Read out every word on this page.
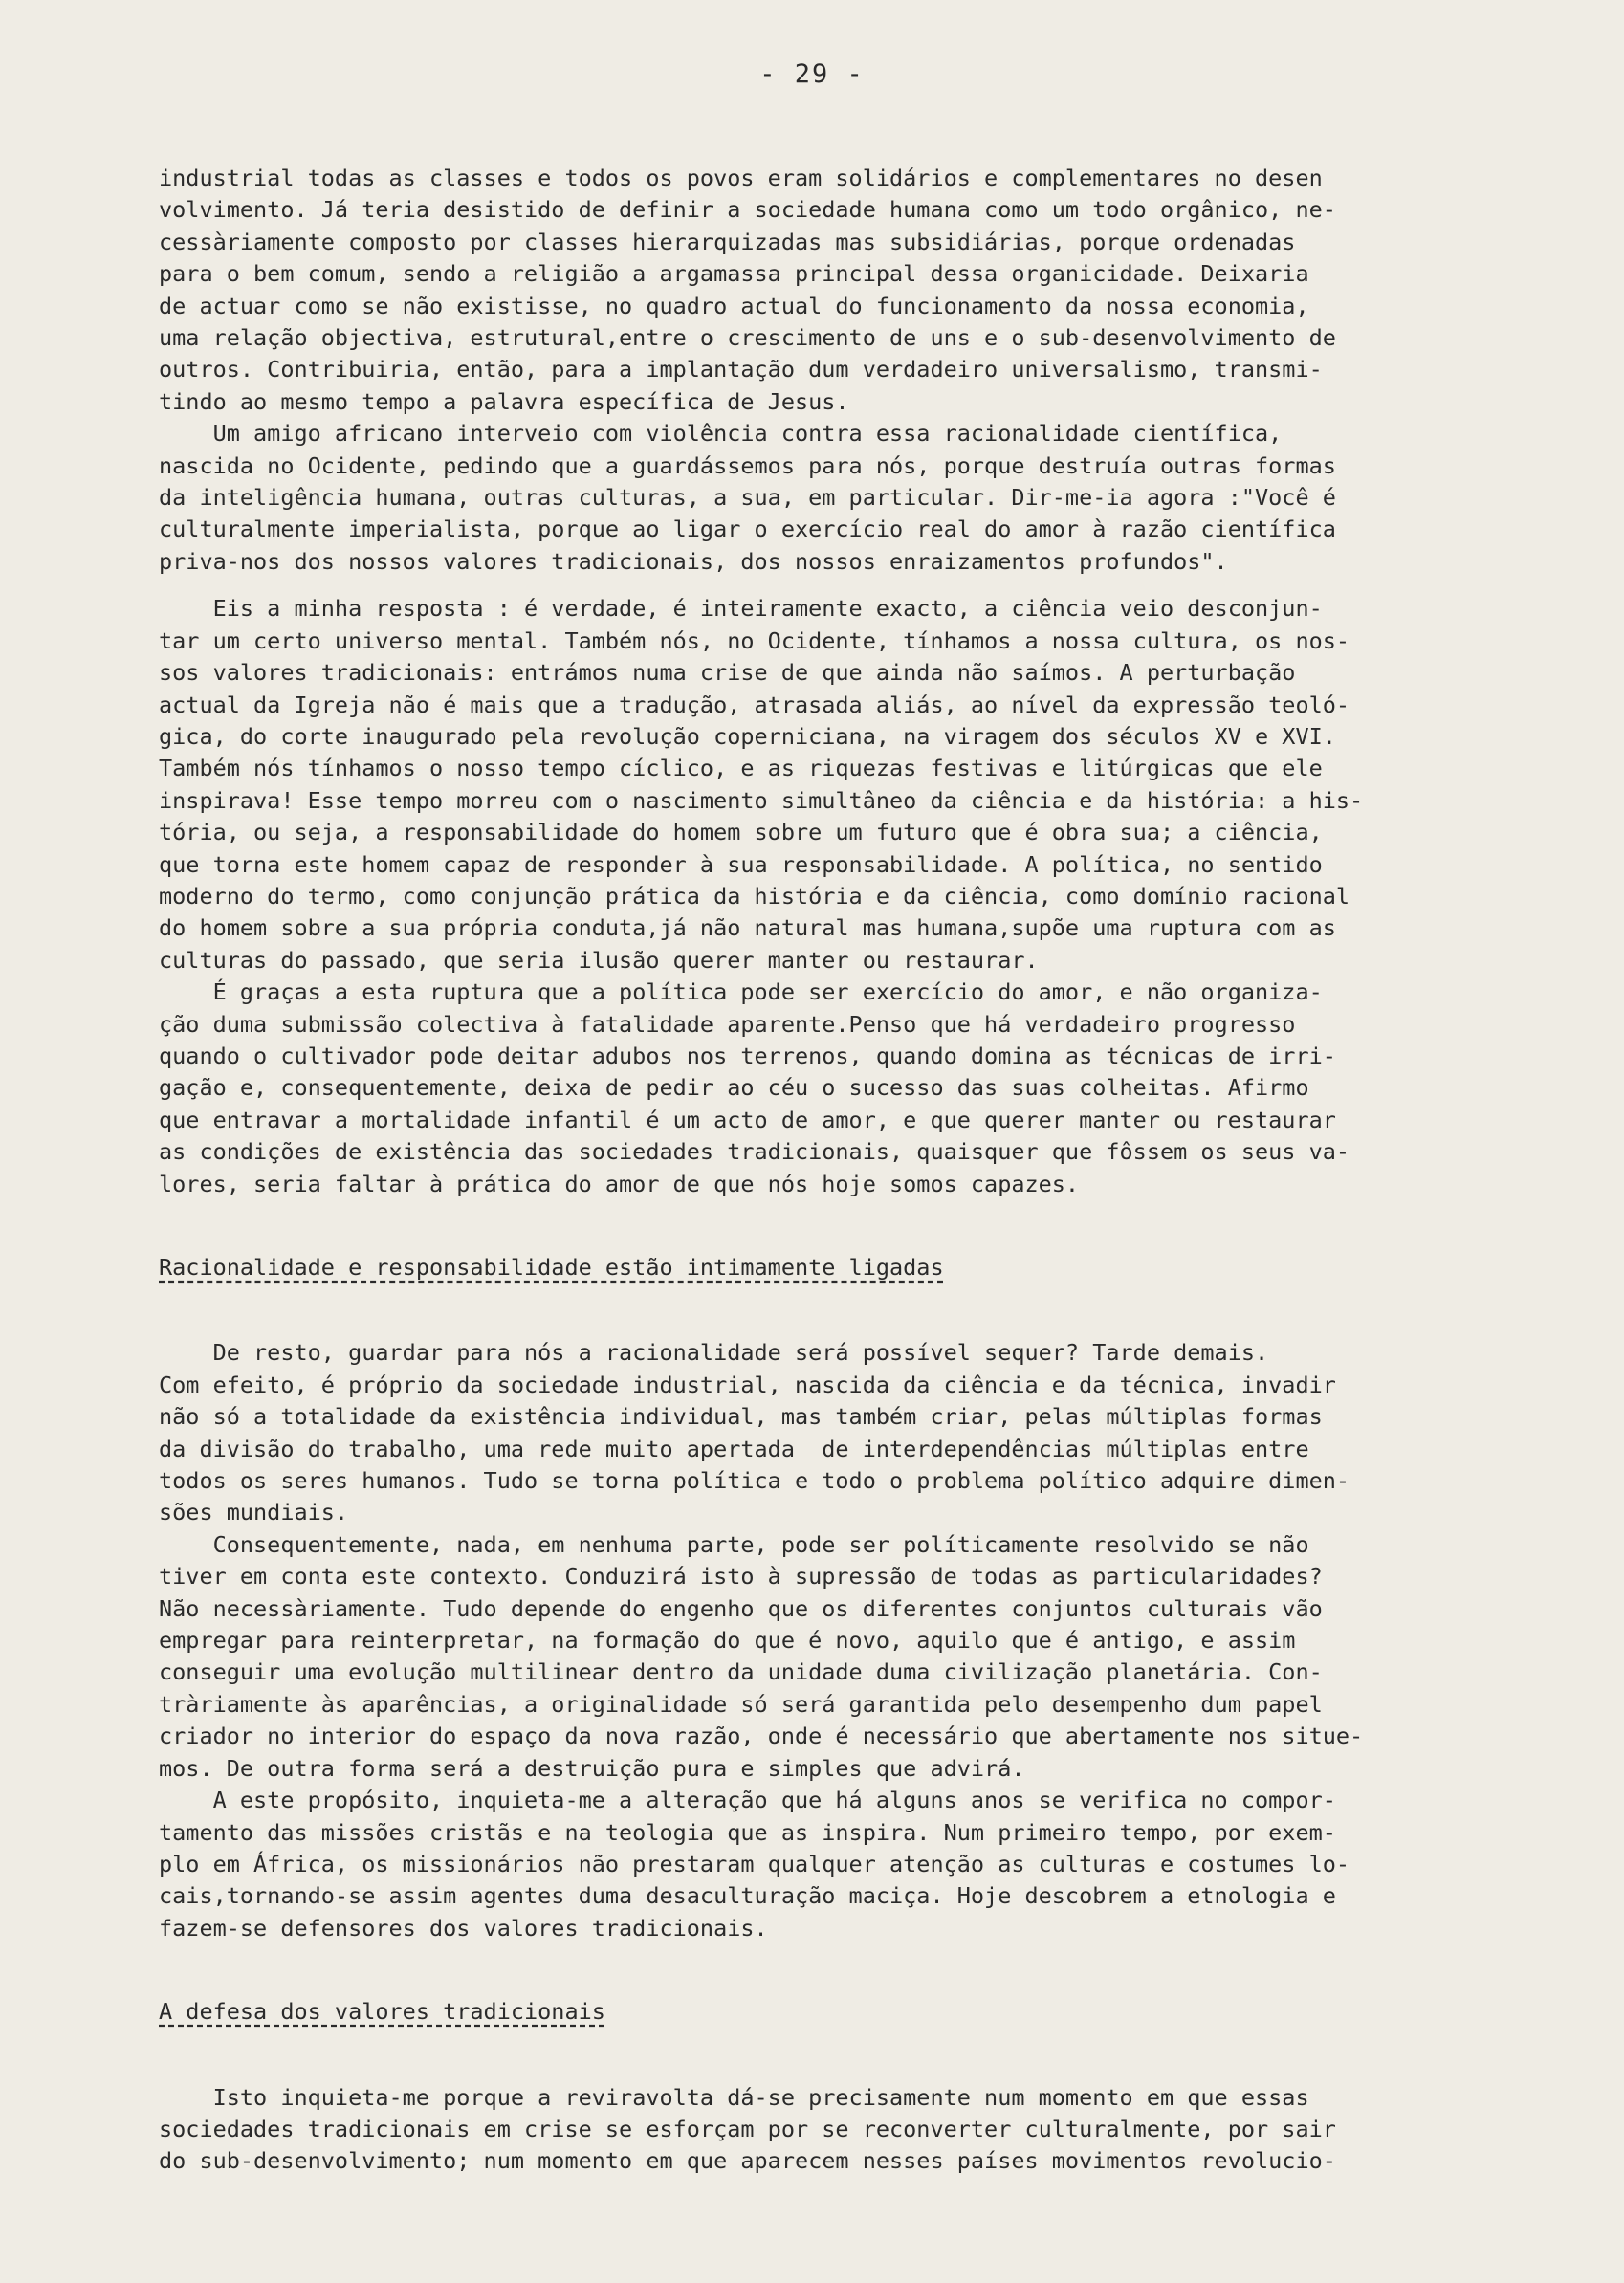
- 29 -

industrial todas as classes e todos os povos eram solidários e complementares no desen
volvimento. Já teria desistido de definir a sociedade humana como um todo orgânico, ne-
cessàriamente composto por classes hierarquizadas mas subsidiárias, porque ordenadas
para o bem comum, sendo a religião a argamassa principal dessa organicidade. Deixaria
de actuar como se não existisse, no quadro actual do funcionamento da nossa economia,
uma relação objectiva, estrutural,entre o crescimento de uns e o sub-desenvolvimento de
outros. Contribuiria, então, para a implantação dum verdadeiro universalismo, transmi-
tindo ao mesmo tempo a palavra específica de Jesus.

Um amigo africano interveio com violência contra essa racionalidade científica,
nascida no Ocidente, pedindo que a guardássemos para nós, porque destruía outras formas
da inteligência humana, outras culturas, a sua, em particular. Dir-me-ia agora :"Você é
culturalmente imperialista, porque ao ligar o exercício real do amor à razão científica
priva-nos dos nossos valores tradicionais, dos nossos enraizamentos profundos".

Eis a minha resposta : é verdade, é inteiramente exacto, a ciência veio desconjun-
tar um certo universo mental. Também nós, no Ocidente, tínhamos a nossa cultura, os nos-
sos valores tradicionais: entrámos numa crise de que ainda não saímos. A perturbação
actual da Igreja não é mais que a tradução, atrasada aliás, ao nível da expressão teoló-
gica, do corte inaugurado pela revolução coperniciana, na viragem dos séculos XV e XVI.
Também nós tínhamos o nosso tempo cíclico, e as riquezas festivas e litúrgicas que ele
inspirava! Esse tempo morreu com o nascimento simultâneo da ciência e da história: a his-
tória, ou seja, a responsabilidade do homem sobre um futuro que é obra sua; a ciência,
que torna este homem capaz de responder à sua responsabilidade. A política, no sentido
moderno do termo, como conjunção prática da história e da ciência, como domínio racional
do homem sobre a sua própria conduta,já não natural mas humana,supõe uma ruptura com as
culturas do passado, que seria ilusão querer manter ou restaurar.

É graças a esta ruptura que a política pode ser exercício do amor, e não organiza-
ção duma submissão colectiva à fatalidade aparente.Penso que há verdadeiro progresso
quando o cultivador pode deitar adubos nos terrenos, quando domina as técnicas de irri-
gação e, consequentemente, deixa de pedir ao céu o sucesso das suas colheitas. Afirmo
que entravar a mortalidade infantil é um acto de amor, e que querer manter ou restaurar
as condições de existência das sociedades tradicionais, quaisquer que fôssem os seus va-
lores, seria faltar à prática do amor de que nós hoje somos capazes.

Racionalidade e responsabilidade estão intimamente ligadas

De resto, guardar para nós a racionalidade será possível sequer? Tarde demais.
Com efeito, é próprio da sociedade industrial, nascida da ciência e da técnica, invadir
não só a totalidade da existência individual, mas também criar, pelas múltiplas formas
da divisão do trabalho, uma rede muito apertada  de interdependências múltiplas entre
todos os seres humanos. Tudo se torna política e todo o problema político adquire dimen-
sões mundiais.

Consequentemente, nada, em nenhuma parte, pode ser políticamente resolvido se não
tiver em conta este contexto. Conduzirá isto à supressão de todas as particularidades?
Não necessàriamente. Tudo depende do engenho que os diferentes conjuntos culturais vão
empregar para reinterpretar, na formação do que é novo, aquilo que é antigo, e assim
conseguir uma evolução multilinear dentro da unidade duma civilização planetária. Con-
tràriamente às aparências, a originalidade só será garantida pelo desempenho dum papel
criador no interior do espaço da nova razão, onde é necessário que abertamente nos situe-
mos. De outra forma será a destruição pura e simples que advirá.

A este propósito, inquieta-me a alteração que há alguns anos se verifica no compor-
tamento das missões cristãs e na teologia que as inspira. Num primeiro tempo, por exem-
plo em África, os missionários não prestaram qualquer atenção as culturas e costumes lo-
cais,tornando-se assim agentes duma desaculturação maciça. Hoje descobrem a etnologia e
fazem-se defensores dos valores tradicionais.

A defesa dos valores tradicionais

Isto inquieta-me porque a reviravolta dá-se precisamente num momento em que essas
sociedades tradicionais em crise se esforçam por se reconverter culturalmente, por sair
do sub-desenvolvimento; num momento em que aparecem nesses países movimentos revolucio-
